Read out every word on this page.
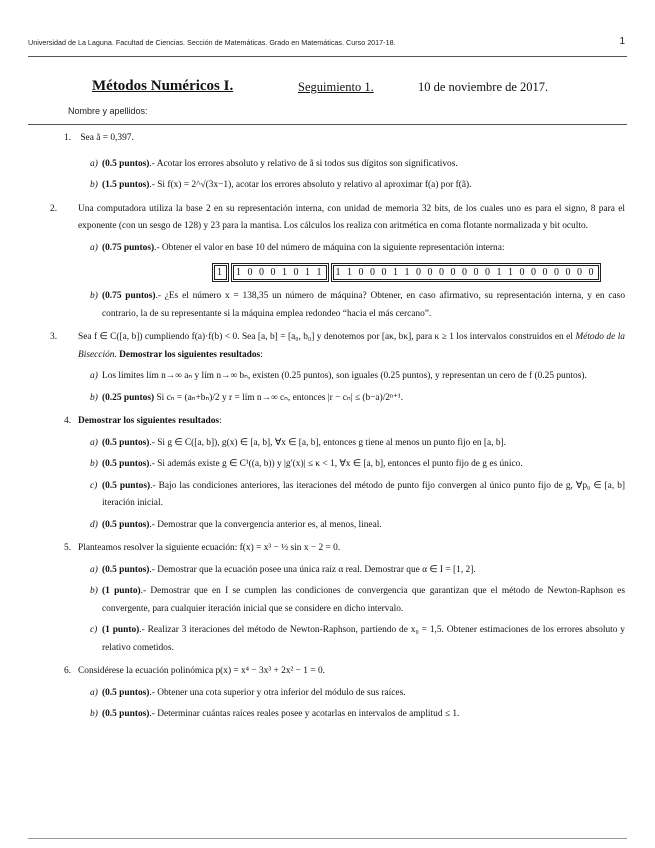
Universidad de La Laguna. Facultad de Ciencias. Sección de Matemáticas. Grado en Matemáticas. Curso 2017-18.	1
Métodos Numéricos I.	Seguimiento 1.	10 de noviembre de 2017.
Nombre y apellidos:

1. Sea ã = 0,397.

a) (0.5 puntos).- Acotar los errores absoluto y relativo de ã si todos sus dígitos son significativos.
b) (1.5 puntos).- Si f(x) = 2^√(3x−1), acotar los errores absoluto y relativo al aproximar f(a) por f(ã).

2. Una computadora utiliza la base 2 en su representación interna, con unidad de memoria 32 bits, de los cuales uno es para el signo, 8 para el exponente (con un sesgo de 128) y 23 para la mantisa. Los cálculos los realiza con aritmética en coma flotante normalizada y bit oculto.

a) (0.75 puntos).- Obtener el valor en base 10 del número de máquina con la siguiente representación interna:
1	1 0 0 0 1 0 1 1	1 1 0 0 0 1 1 0 0 0 0 0 0 0 1 1 0 0 0 0 0 0 0
b) (0.75 puntos).- ¿Es el número x = 138,35 un número de máquina? Obtener, en caso afirmativo, su representación interna, y en caso contrario, la de su representante si la máquina emplea redondeo “hacia el más cercano”.

3. Sea f ∈ C([a, b]) cumpliendo f(a)·f(b) < 0. Sea [a, b] = [a₀, b₀] y denotemos por [aκ, bκ], para κ ≥ 1 los intervalos construidos en el Método de la Bisección. Demostrar los siguientes resultados:

a) Los límites lím n→∞ aₙ y lím n→∞ bₙ, existen (0.25 puntos), son iguales (0.25 puntos), y representan un cero de f (0.25 puntos).
b) (0.25 puntos) Si cₙ = (aₙ+bₙ)/2 y r = lím n→∞ cₙ, entonces |r − cₙ| ≤ (b−a)/2ⁿ⁺¹.

4. Demostrar los siguientes resultados:

a) (0.5 puntos).- Si g ∈ C([a, b]), g(x) ∈ [a, b], ∀x ∈ [a, b], entonces g tiene al menos un punto fijo en [a, b].
b) (0.5 puntos).- Si además existe g ∈ C¹((a, b)) y |g′(x)| ≤ κ < 1, ∀x ∈ [a, b], entonces el punto fijo de g es único.
c) (0.5 puntos).- Bajo las condiciones anteriores, las iteraciones del método de punto fijo convergen al único punto fijo de g, ∀p₀ ∈ [a, b] iteración inicial.
d) (0.5 puntos).- Demostrar que la convergencia anterior es, al menos, lineal.

5. Planteamos resolver la siguiente ecuación: f(x) = x³ − ½ sin x − 2 = 0.

a) (0.5 puntos).- Demostrar que la ecuación posee una única raíz α real. Demostrar que α ∈ I = [1, 2].
b) (1 punto).- Demostrar que en I se cumplen las condiciones de convergencia que garantizan que el método de Newton-Raphson es convergente, para cualquier iteración inicial que se considere en dicho intervalo.
c) (1 punto).- Realizar 3 iteraciones del método de Newton-Raphson, partiendo de x₀ = 1,5. Obtener estimaciones de los errores absoluto y relativo cometidos.

6. Considérese la ecuación polinómica p(x) = x⁴ − 3x³ + 2x² − 1 = 0.

a) (0.5 puntos).- Obtener una cota superior y otra inferior del módulo de sus raíces.
b) (0.5 puntos).- Determinar cuántas raíces reales posee y acotarlas en intervalos de amplitud ≤ 1.
